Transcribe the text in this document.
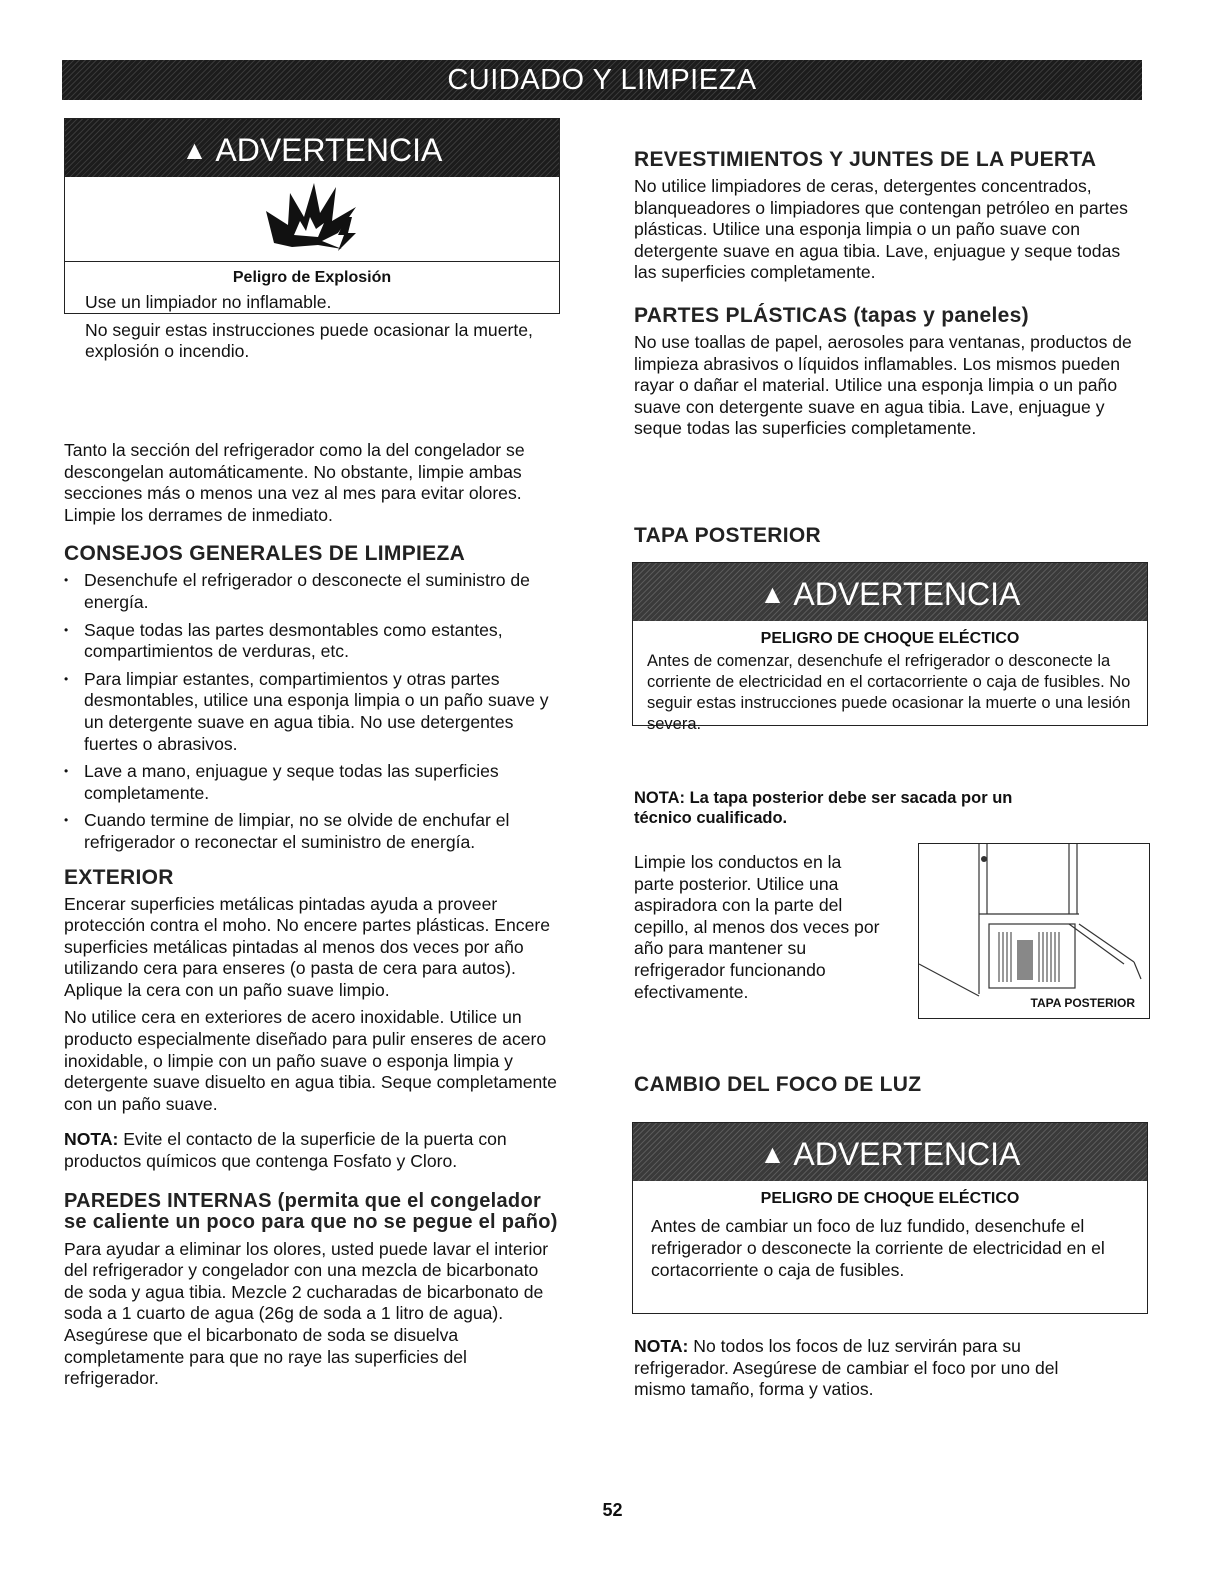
CUIDADO Y LIMPIEZA
▲ ADVERTENCIA

Peligro de Explosión

Use un limpiador no inflamable.

No seguir estas instrucciones puede ocasionar la muerte, explosión o incendio.

Tanto la sección del refrigerador como la del congelador se descongelan automáticamente. No obstante, limpie ambas secciones más o menos una vez al mes para evitar olores. Limpie los derrames de inmediato.

CONSEJOS GENERALES DE LIMPIEZA
• Desenchufe el refrigerador o desconecte el suministro de energía.
• Saque todas las partes desmontables como estantes, compartimientos de verduras, etc.
• Para limpiar estantes, compartimientos y otras partes desmontables, utilice una esponja limpia o un paño suave y un detergente suave en agua tibia. No use detergentes fuertes o abrasivos.
• Lave a mano, enjuague y seque todas las superficies completamente.
• Cuando termine de limpiar, no se olvide de enchufar el refrigerador o reconectar el suministro de energía.
EXTERIOR

Encerar superficies metálicas pintadas ayuda a proveer protección contra el moho. No encere partes plásticas. Encere superficies metálicas pintadas al menos dos veces por año utilizando cera para enseres (o pasta de cera para autos). Aplique la cera con un paño suave limpio.

No utilice cera en exteriores de acero inoxidable. Utilice un producto especialmente diseñado para pulir enseres de acero inoxidable, o limpie con un paño suave o esponja limpia y detergente suave disuelto en agua tibia. Seque completamente con un paño suave.

NOTA: Evite el contacto de la superficie de la puerta con productos químicos que contenga Fosfato y Cloro.

PAREDES INTERNAS (permita que el congelador se caliente un poco para que no se pegue el paño)

Para ayudar a eliminar los olores, usted puede lavar el interior del refrigerador y congelador con una mezcla de bicarbonato de soda y agua tibia. Mezcle 2 cucharadas de bicarbonato de soda a 1 cuarto de agua (26g de soda a 1 litro de agua). Asegúrese que el bicarbonato de soda se disuelva completamente para que no raye las superficies del refrigerador.

REVESTIMIENTOS Y JUNTES DE LA PUERTA

No utilice limpiadores de ceras, detergentes concentrados, blanqueadores o limpiadores que contengan petróleo en partes plásticas. Utilice una esponja limpia o un paño suave con detergente suave en agua tibia. Lave, enjuague y seque todas las superficies completamente.

PARTES PLÁSTICAS (tapas y paneles)

No use toallas de papel, aerosoles para ventanas, productos de limpieza abrasivos o líquidos inflamables. Los mismos pueden rayar o dañar el material. Utilice una esponja limpia o un paño suave con detergente suave en agua tibia. Lave, enjuague y seque todas las superficies completamente.

TAPA POSTERIOR
▲ ADVERTENCIA

PELIGRO DE CHOQUE ELÉCTICO

Antes de comenzar, desenchufe el refrigerador o desconecte la corriente de electricidad en el cortacorriente o caja de fusibles. No seguir estas instrucciones puede ocasionar la muerte o una lesión severa.

NOTA: La tapa posterior debe ser sacada por un técnico cualificado.

Limpie los conductos en la parte posterior. Utilice una aspiradora con la parte del cepillo, al menos dos veces por año para mantener su refrigerador funcionando efectivamente.

TAPA POSTERIOR
CAMBIO DEL FOCO DE LUZ
▲ ADVERTENCIA

PELIGRO DE CHOQUE ELÉCTICO

Antes de cambiar un foco de luz fundido, desenchufe el refrigerador o desconecte la corriente de electricidad en el cortacorriente o caja de fusibles.

NOTA: No todos los focos de luz servirán para su refrigerador. Asegúrese de cambiar el foco por uno del mismo tamaño, forma y vatios.

52
